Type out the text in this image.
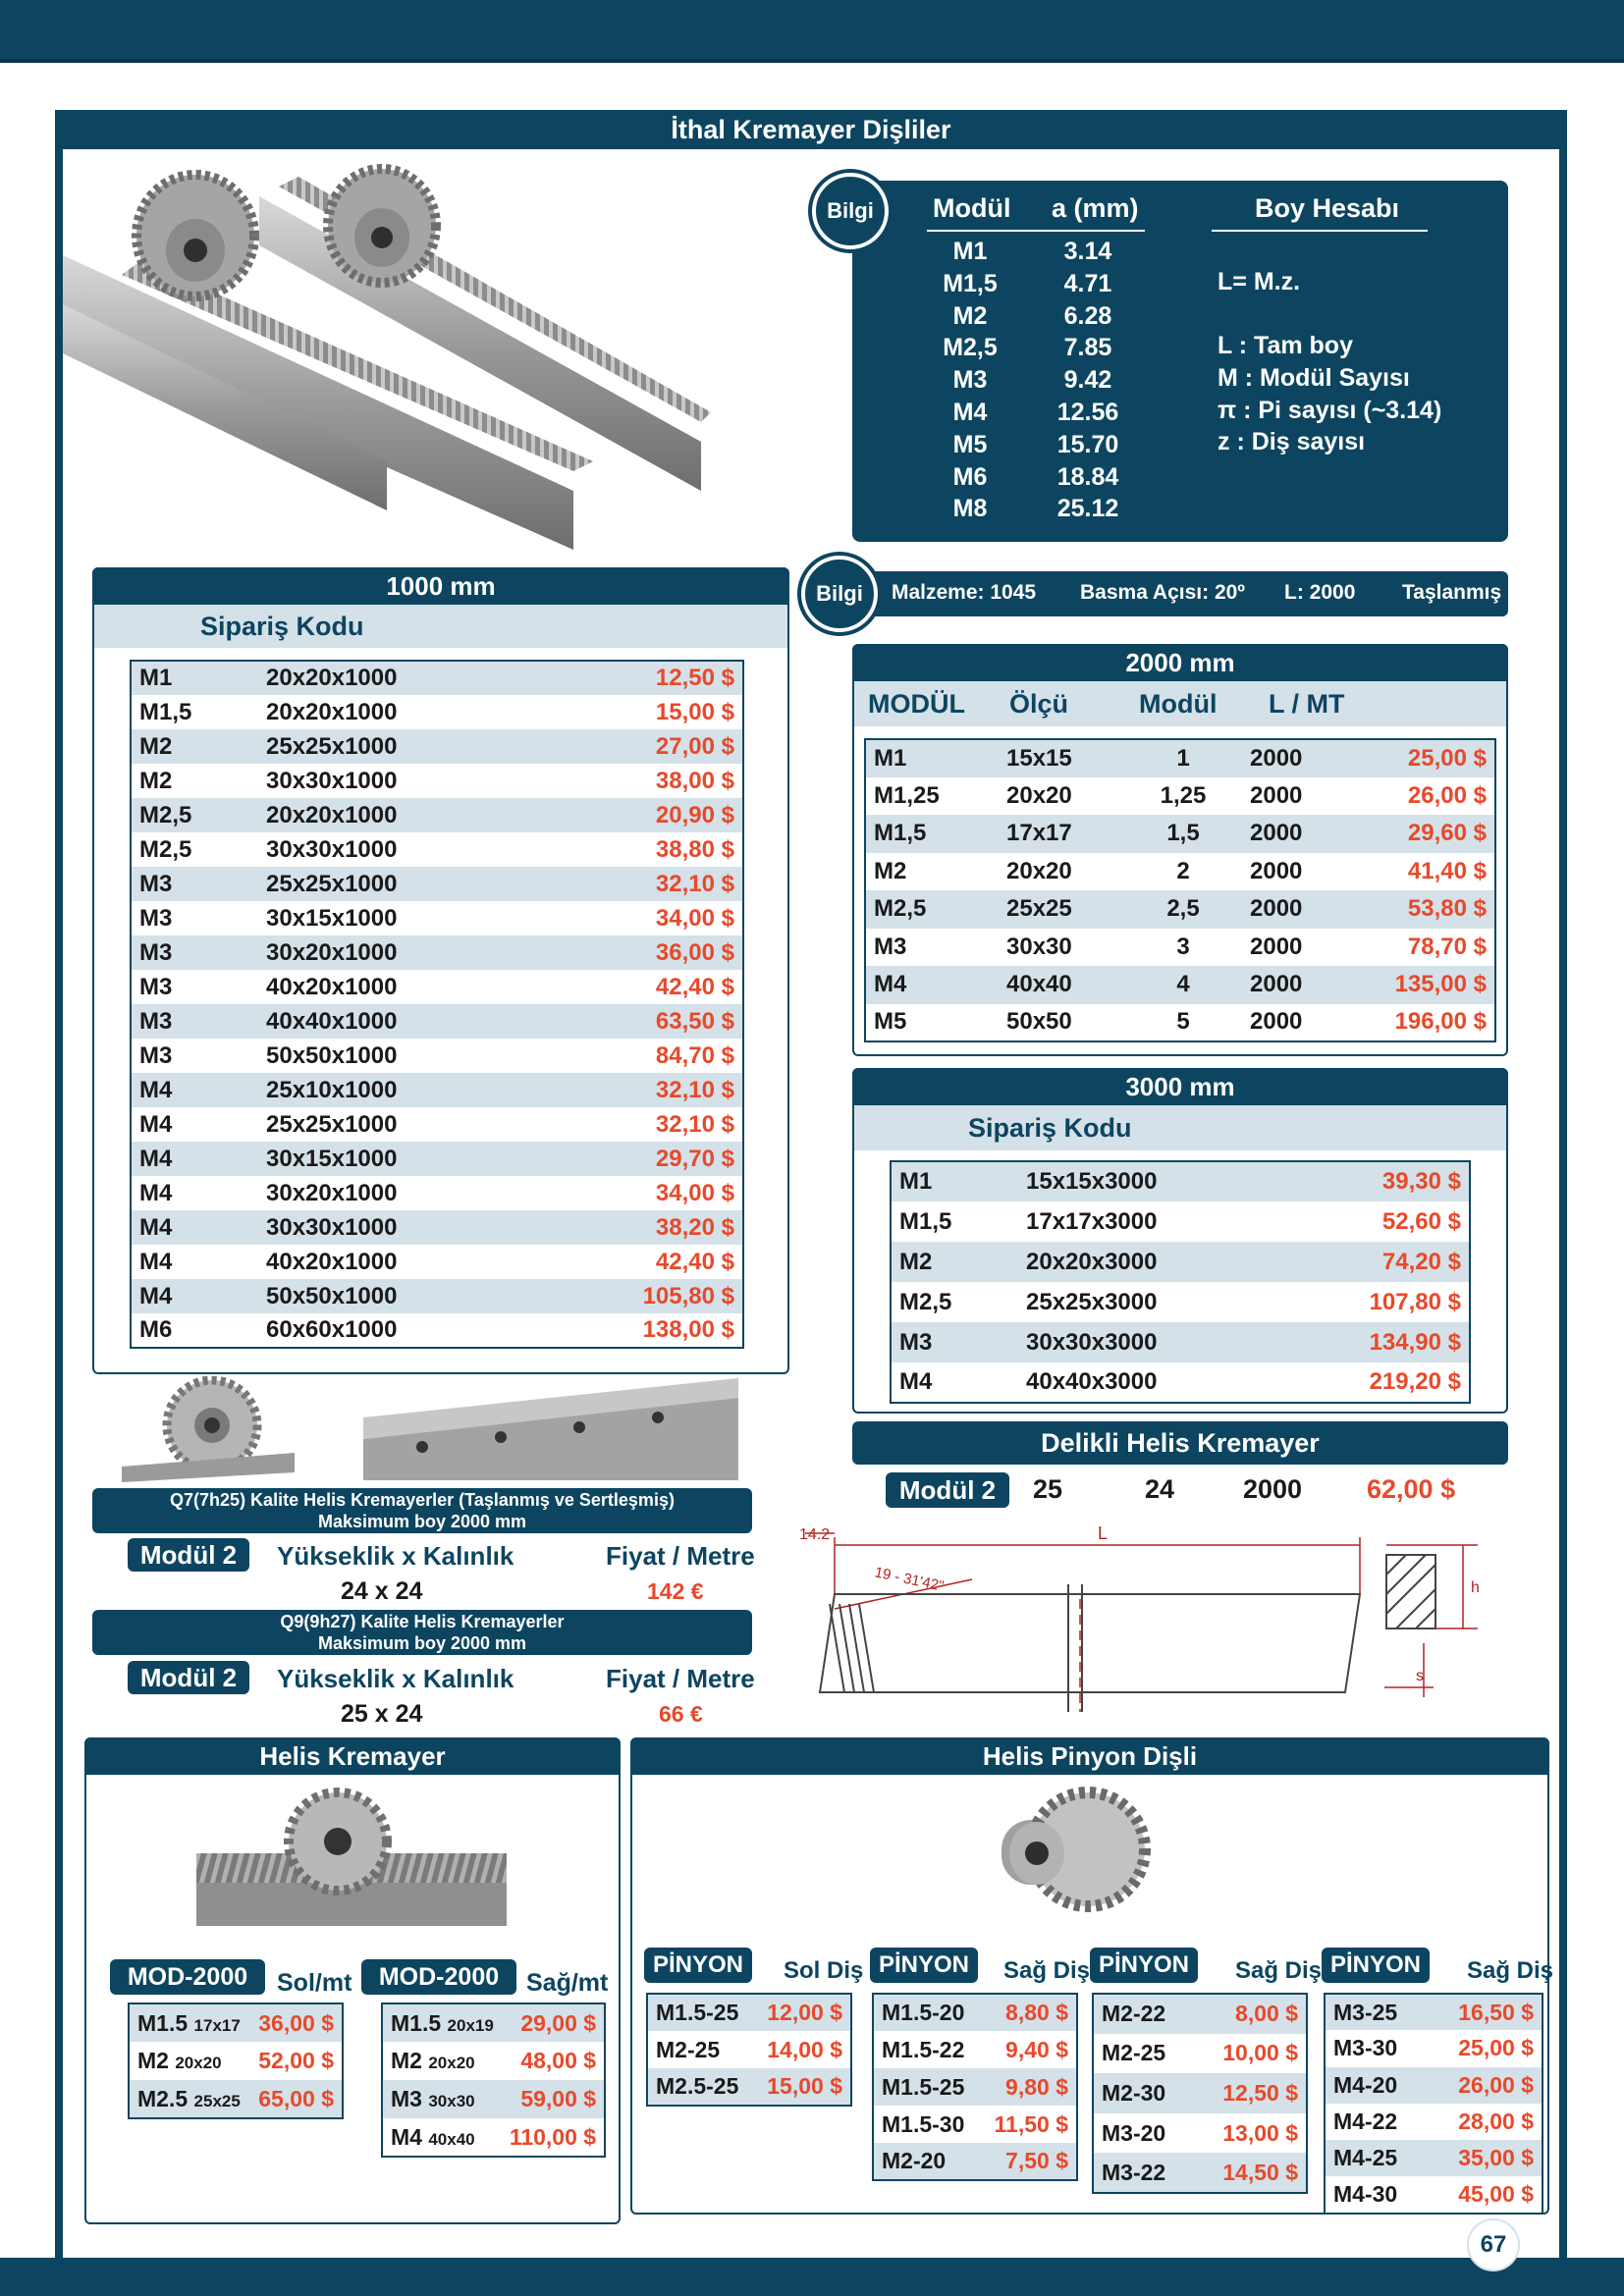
İthal Kremayer Dişliler
Bilgi	Modül a (mm)	Boy Hesabı
M1	3.14
M1,5	4.71
M2	6.28
M2,5	7.85
M3	9.42
M4	12.56
M5	15.70
M6	18.84
M8	25.12
L= M.z.
L : Tam boy
M : Modül Sayısı
π : Pi sayısı (~3.14)
z : Diş sayısı
Bilgi	Malzeme: 1045 Basma Açısı: 20º L: 2000 Taşlanmış
1000 mm
Sipariş Kodu
M1	20x20x1000	12,50 $
M1,5	20x20x1000	15,00 $
M2	25x25x1000	27,00 $
M2	30x30x1000	38,00 $
M2,5	20x20x1000	20,90 $
M2,5	30x30x1000	38,80 $
M3	25x25x1000	32,10 $
M3	30x15x1000	34,00 $
M3	30x20x1000	36,00 $
M3	40x20x1000	42,40 $
M3	40x40x1000	63,50 $
M3	50x50x1000	84,70 $
M4	25x10x1000	32,10 $
M4	25x25x1000	32,10 $
M4	30x15x1000	29,70 $
M4	30x20x1000	34,00 $
M4	30x30x1000	38,20 $
M4	40x20x1000	42,40 $
M4	50x50x1000	105,80 $
M6	60x60x1000	138,00 $
2000 mm
MODÜL Ölçü	Modül L / MT
M1	15x15	1	2000	25,00 $
M1,25	20x20	1,25	2000	26,00 $
M1,5	17x17	1,5	2000	29,60 $
M2	20x20	2	2000	41,40 $
M2,5	25x25	2,5	2000	53,80 $
M3	30x30	3	2000	78,70 $
M4	40x40	4	2000	135,00 $
M5	50x50	5	2000	196,00 $
3000 mm
Sipariş Kodu
M1	15x15x3000	39,30 $
M1,5	17x17x3000	52,60 $
M2	20x20x3000	74,20 $
M2,5	25x25x3000	107,80 $
M3	30x30x3000	134,90 $
M4	40x40x3000	219,20 $
Delikli Helis Kremayer
Modül 2	25	24	2000 62,00 $
14.2	L
19 - 31'42"	h
s
Q7(7h25) Kalite Helis Kremayerler (Taşlanmış ve Sertleşmiş)
Maksimum boy 2000 mm
Modül 2	Yükseklik x Kalınlık	Fiyat / Metre
24 x 24	142 €
Q9(9h27) Kalite Helis Kremayerler
Maksimum boy 2000 mm
Modül 2	Yükseklik x Kalınlık	Fiyat / Metre
25 x 24	66 €
Helis Kremayer
MOD-2000	Sol/mt
M1.5 17x17	36,00 $
M2 20x20	52,00 $
M2.5 25x25	65,00 $
MOD-2000	Sağ/mt
M1.5 20x19	29,00 $
M2 20x20	48,00 $
M3 30x30	59,00 $
M4 40x40	110,00 $
Helis Pinyon Dişli
PİNYON	Sol Diş
M1.5-25	12,00 $
M2-25	14,00 $
M2.5-25	15,00 $
PİNYON	Sağ Diş
M1.5-20	8,80 $
M1.5-22	9,40 $
M1.5-25	9,80 $
M1.5-30	11,50 $
M2-20	7,50 $
PİNYON	Sağ Diş
M2-22	8,00 $
M2-25	10,00 $
M2-30	12,50 $
M3-20	13,00 $
M3-22	14,50 $
PİNYON	Sağ Diş
M3-25	16,50 $
M3-30	25,00 $
M4-20	26,00 $
M4-22	28,00 $
M4-25	35,00 $
M4-30	45,00 $
67
